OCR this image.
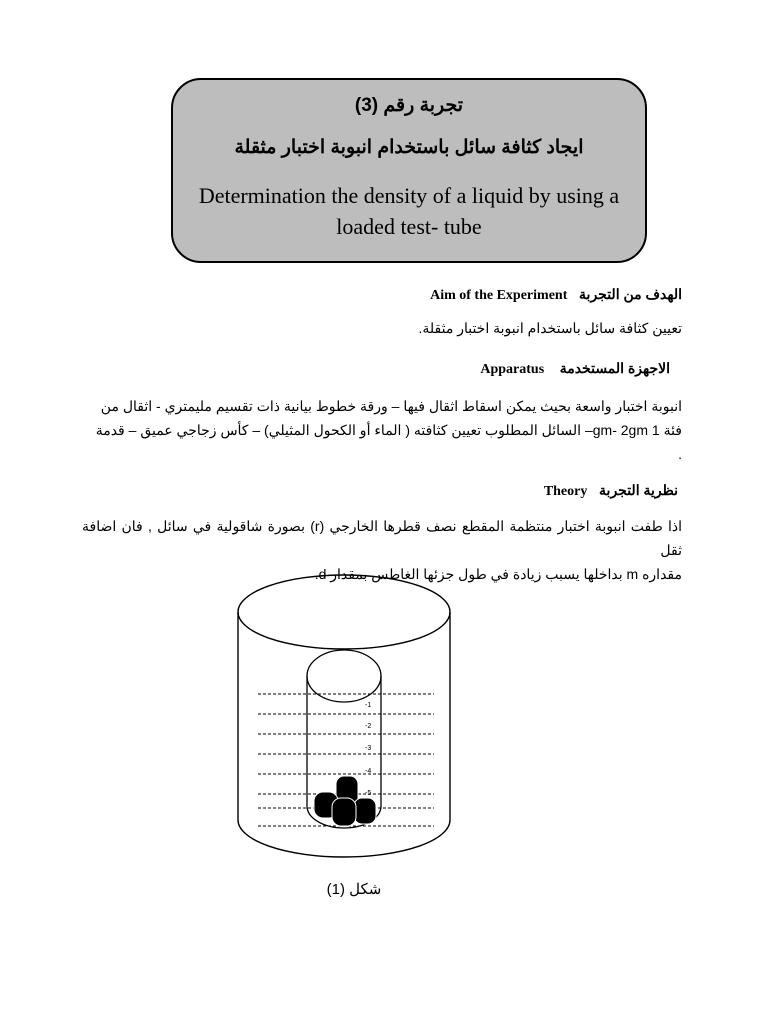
تجربة رقم (3)
ايجاد كثافة سائل باستخدام انبوبة اختبار مثقلة
Determination the density of a liquid by using a loaded test- tube
Aim of the Experiment الهدف من التجربة
تعيين كثافة سائل باستخدام انبوبة اختبار مثقلة.
Apparatus الاجهزة المستخدمة
انبوبة اختبار واسعة بحيث يمكن اسقاط اثقال فيها – ورقة خطوط بيانية ذات تقسيم مليمتري - اثقال من
فئة 1 gm- 2gm– السائل المطلوب تعيين كثافته ( الماء أو الكحول المثيلي) – كأس زجاجي عميق – قدمة
.
Theory نظرية التجربة
اذا طفت انبوبة اختبار منتظمة المقطع نصف قطرها الخارجي (r) بصورة شاقولية في سائل , فان اضافة ثقل
مقداره m بداخلها يسبب زيادة في طول جزئها الغاطس بمقدار d.
-1
-2
-3
-4
-5
شكل (1)
